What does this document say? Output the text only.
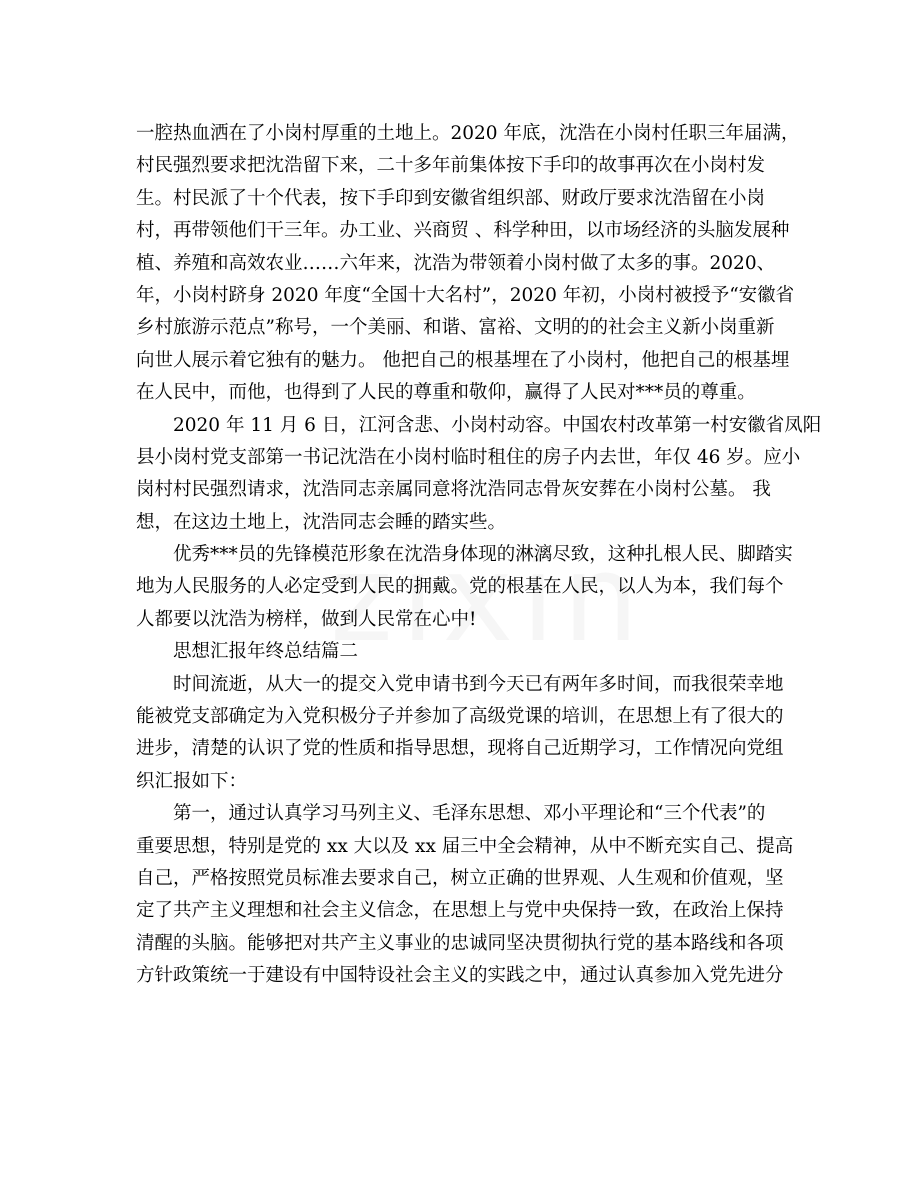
一腔热血洒在了小岗村厚重的土地上。2020 年底，沈浩在小岗村任职三年届满，
村民强烈要求把沈浩留下来，二十多年前集体按下手印的故事再次在小岗村发
生。村民派了十个代表，按下手印到安徽省组织部、财政厅要求沈浩留在小岗
村，再带领他们干三年。办工业、兴商贸 、科学种田，以市场经济的头脑发展种
植、养殖和高效农业……六年来，沈浩为带领着小岗村做了太多的事。2020、
年，小岗村跻身 2020 年度“全国十大名村”，2020 年初，小岗村被授予“安徽省
乡村旅游示范点”称号，一个美丽、和谐、富裕、文明的的社会主义新小岗重新
向世人展示着它独有的魅力。 他把自己的根基埋在了小岗村，他把自己的根基埋
在人民中，而他，也得到了人民的尊重和敬仰，赢得了人民对***员的尊重。
2020 年 11 月 6 日，江河含悲、小岗村动容。中国农村改革第一村安徽省凤阳
县小岗村党支部第一书记沈浩在小岗村临时租住的房子内去世，年仅 46 岁。应小
岗村村民强烈请求，沈浩同志亲属同意将沈浩同志骨灰安葬在小岗村公墓。 我
想，在这边土地上，沈浩同志会睡的踏实些。
优秀***员的先锋模范形象在沈浩身体现的淋漓尽致，这种扎根人民、脚踏实
地为人民服务的人必定受到人民的拥戴。党的根基在人民，以人为本，我们每个
人都要以沈浩为榜样，做到人民常在心中!
思想汇报年终总结篇二
时间流逝，从大一的提交入党申请书到今天已有两年多时间，而我很荣幸地
能被党支部确定为入党积极分子并参加了高级党课的培训，在思想上有了很大的
进步，清楚的认识了党的性质和指导思想，现将自己近期学习，工作情况向党组
织汇报如下：
第一，通过认真学习马列主义、毛泽东思想、邓小平理论和“三个代表”的
重要思想，特别是党的 xx 大以及 xx 届三中全会精神，从中不断充实自己、提高
自己，严格按照党员标准去要求自己，树立正确的世界观、人生观和价值观，坚
定了共产主义理想和社会主义信念，在思想上与党中央保持一致，在政治上保持
清醒的头脑。能够把对共产主义事业的忠诚同坚决贯彻执行党的基本路线和各项
方针政策统一于建设有中国特设社会主义的实践之中，通过认真参加入党先进分
